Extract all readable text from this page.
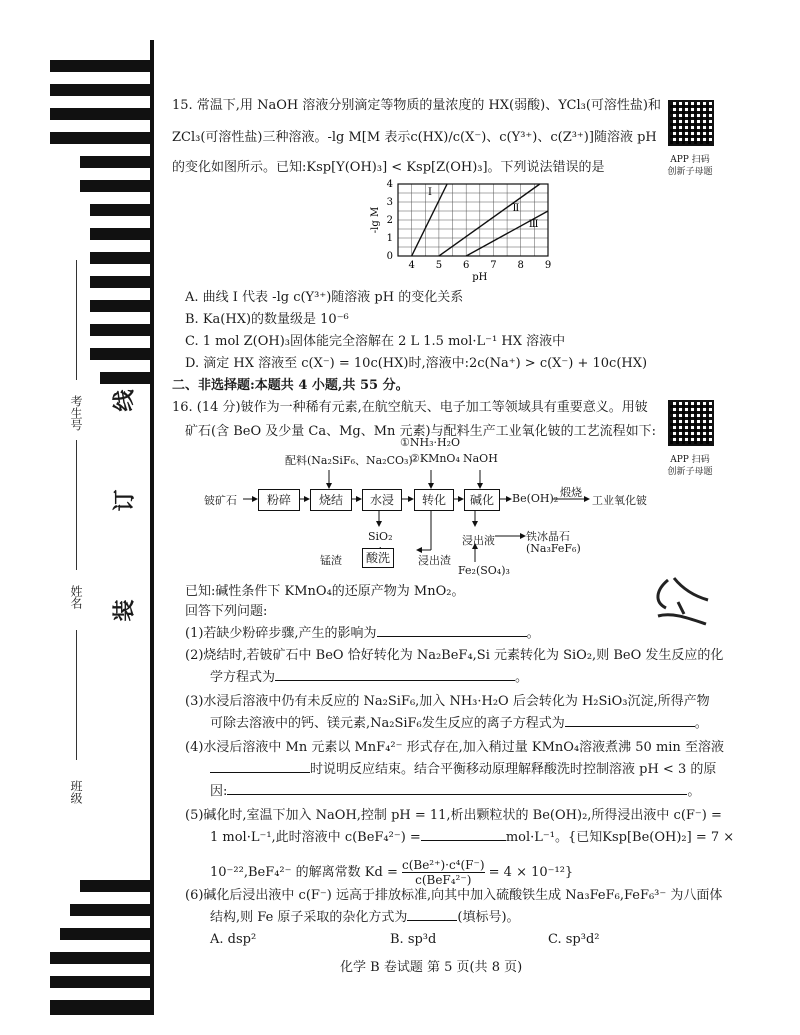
考生号
姓名
班级
线
订
装
15. 常温下,用 NaOH 溶液分别滴定等物质的量浓度的 HX(弱酸)、YCl₃(可溶性盐)和
ZCl₃(可溶性盐)三种溶液。-lg M[M 表示c(HX)/c(X⁻)、c(Y³⁺)、c(Z³⁺)]随溶液 pH
的变化如图所示。已知:Ksp[Y(OH)₃] < Ksp[Z(OH)₃]。下列说法错误的是	APP 扫码
创新子母题
4 5 6 7 8 9
0
1
2
3
4
pH
-lg M
Ⅰ
Ⅱ
Ⅲ
A. 曲线 Ⅰ 代表 -lg c(Y³⁺)随溶液 pH 的变化关系
B. Ka(HX)的数量级是 10⁻⁶
C. 1 mol Z(OH)₃固体能完全溶解在 2 L 1.5 mol·L⁻¹ HX 溶液中
D. 滴定 HX 溶液至 c(X⁻) = 10c(HX)时,溶液中:2c(Na⁺) > c(X⁻) + 10c(HX)
二、非选择题:本题共 4 小题,共 55 分。
16. (14 分)铍作为一种稀有元素,在航空航天、电子加工等领域具有重要意义。用铍
矿石(含 BeO 及少量 Ca、Mg、Mn 元素)与配料生产工业氧化铍的工艺流程如下:
APP 扫码
创新子母题
配料(Na₂SiF₆、Na₂CO₃)
①NH₃·H₂O
②KMnO₄ NaOH
铍矿石	粉碎	烧结	水浸	转化	碱化	Be(OH)₂ 煅烧
工业氧化铍
SiO₂
浸出渣
酸洗
锰渣
浸出液	铁冰晶石
(Na₃FeF₆)
Fe₂(SO₄)₃
已知:碱性条件下 KMnO₄的还原产物为 MnO₂。
回答下列问题:
(1)若缺少粉碎步骤,产生的影响为	。
(2)烧结时,若铍矿石中 BeO 恰好转化为 Na₂BeF₄,Si 元素转化为 SiO₂,则 BeO 发生反应的化
学方程式为	。
(3)水浸后溶液中仍有未反应的 Na₂SiF₆,加入 NH₃·H₂O 后会转化为 H₂SiO₃沉淀,所得产物
可除去溶液中的钙、镁元素,Na₂SiF₆发生反应的离子方程式为	。
(4)水浸后溶液中 Mn 元素以 MnF₄²⁻ 形式存在,加入稍过量 KMnO₄溶液煮沸 50 min 至溶液
时说明反应结束。结合平衡移动原理解释酸洗时控制溶液 pH < 3 的原
因:	。
(5)碱化时,室温下加入 NaOH,控制 pH = 11,析出颗粒状的 Be(OH)₂,所得浸出液中 c(F⁻) =
1 mol·L⁻¹,此时溶液中 c(BeF₄²⁻) =	mol·L⁻¹。{已知Ksp[Be(OH)₂] = 7 ×
10⁻²²,BeF₄²⁻ 的解离常数 Kd = c(Be²⁺)·c⁴(F⁻)
c(BeF₄²⁻)	= 4 × 10⁻¹²}
(6)碱化后浸出液中 c(F⁻) 远高于排放标准,向其中加入硫酸铁生成 Na₃FeF₆,FeF₆³⁻ 为八面体
结构,则 Fe 原子采取的杂化方式为	(填标号)。
A. dsp²	B. sp³d	C. sp³d²
化学 B 卷试题 第 5 页(共 8 页)
